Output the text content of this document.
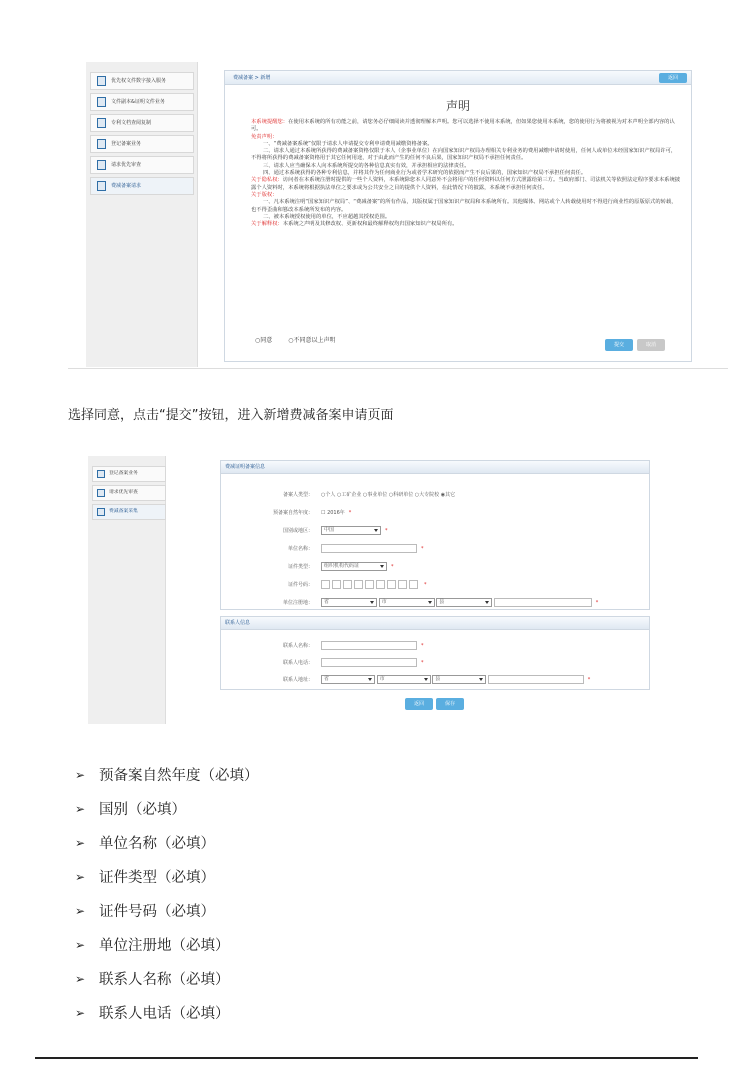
优先权文件数字接入服务
文件副本&证明文件业务
专利文档查阅复制
登记备案业务
请求优先审查
费减备案请求
费减备案 > 新增	返回
声明

本系统提醒您：在使用本系统的所有功能之前，请您务必仔细阅读并透彻理解本声明。您可以选择不使用本系统，但如果您使用本系统，您的使用行为将被视为对本声明全部内容的认可。

免责声明：

一、“费减备案系统”仅限于请求人申请提交专利申请费用减缴资格备案。

二、请求人通过本系统所获得的费减备案资格仅限于本人（企事业单位）在向国家知识产权局办理相关专利业务的费用减缴申请时使用，任何人或单位未经国家知识产权局许可，不得将所获得的费减备案资格用于其它任何用途，对于由此而产生的任何不良后果，国家知识产权局不承担任何责任。

三、请求人应当确保本人向本系统所提交的各种信息真实有效，并承担相应的法律责任。

四、通过本系统获得的各种专利信息，并将其作为任何商业行为或者学术研究的依据而产生不良后果的，国家知识产权局不承担任何责任。

关于隐私权：访问者在本系统注册时提供的一些个人资料，本系统除您本人同意外不会将用户的任何资料以任何方式泄露给第三方。当政府部门、司法机关等依照法定程序要求本系统披露个人资料时，本系统将根据执法单位之要求或为公共安全之目的提供个人资料，在此情况下的披露，本系统不承担任何责任。

关于版权：

一、凡本系统注明“国家知识产权局”、“费减备案”的所有作品，其版权属于国家知识产权局和本系统所有。其他媒体、网站或个人转载使用时不得进行商业性的原版原式的转载，也不得歪曲和篡改本系统所发布的内容。

二、被本系统授权使用的单位，不应超越其授权范围。

关于解释权：本系统之声明及其修改权、更新权和最终解释权均归国家知识产权局所有。

○同意	○不同意以上声明
提交	取消
选择同意，点击“提交”按钮，进入新增费减备案申请页面
登记备案业务
请求优先审查
费减备案采集
费减证明备案信息
备案人类型： ○个人 ○工矿企业 ○事业单位 ○科研单位 ○大专院校 ◉其它
预备案自然年度： ☐ 2016年 *
国别或地区：	中国	*
单位名称：	*
证件类型：	组织机构代码证	*
证件号码：	*
单位注册地：	省	市	县	*
联系人信息
联系人名称：	*
联系人电话：	*
联系人地址：	省	市	县	*
返回	保存
➢ 预备案自然年度（必填）
➢ 国别（必填）
➢ 单位名称（必填）
➢ 证件类型（必填）
➢ 证件号码（必填）
➢ 单位注册地（必填）
➢ 联系人名称（必填）
➢ 联系人电话（必填）
